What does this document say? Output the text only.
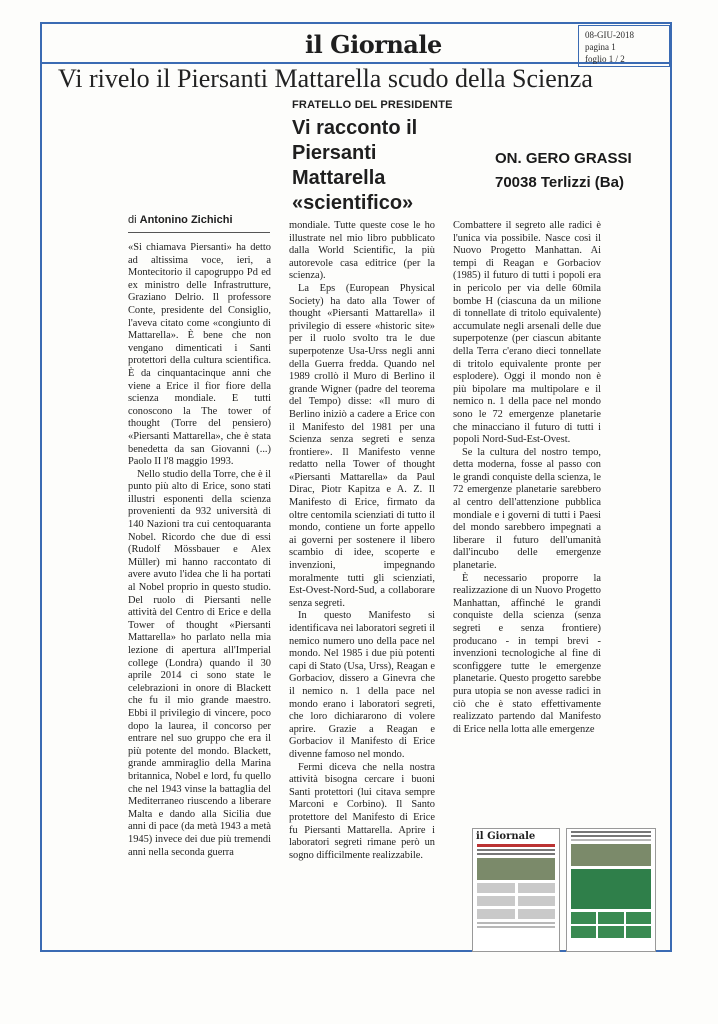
il Giornale	08-GIU-2018
pagina 1
foglio 1 / 2
Vi rivelo il Piersanti Mattarella scudo della Scienza
FRATELLO DEL PRESIDENTE
Vi racconto il Piersanti Mattarella «scientifico»
ON. GERO GRASSI
70038 Terlizzi (Ba)
di Antonino Zichichi

«Si chiamava Piersanti» ha detto ad altissima voce, ieri, a Montecitorio il capogruppo Pd ed ex ministro delle Infrastrutture, Graziano Delrio. Il professore Conte, presidente del Consiglio, l'aveva citato come «congiunto di Mattarella». È bene che non vengano dimenticati i Santi protettori della cultura scientifica. È da cinquantacinque anni che viene a Erice il fior fiore della scienza mondiale. E tutti conoscono la The tower of thought (Torre del pensiero) «Piersanti Mattarella», che è stata benedetta da san Giovanni (...) Paolo II l'8 maggio 1993.

Nello studio della Torre, che è il punto più alto di Erice, sono stati illustri esponenti della scienza provenienti da 932 università di 140 Nazioni tra cui centoquaranta Nobel. Ricordo che due di essi (Rudolf Mössbauer e Alex Müller) mi hanno raccontato di avere avuto l'idea che li ha portati al Nobel proprio in questo studio. Del ruolo di Piersanti nelle attività del Centro di Erice e della Tower of thought «Piersanti Mattarella» ho parlato nella mia lezione di apertura all'Imperial college (Londra) quando il 30 aprile 2014 ci sono state le celebrazioni in onore di Blackett che fu il mio grande maestro. Ebbi il privilegio di vincere, poco dopo la laurea, il concorso per entrare nel suo gruppo che era il più potente del mondo. Blackett, grande ammiraglio della Marina britannica, Nobel e lord, fu quello che nel 1943 vinse la battaglia del Mediterraneo riuscendo a liberare Malta e dando alla Sicilia due anni di pace (da metà 1943 a metà 1945) invece dei due più tremendi anni nella seconda guerra

mondiale. Tutte queste cose le ho illustrate nel mio libro pubblicato dalla World Scientific, la più autorevole casa editrice (per la scienza).

La Eps (European Physical Society) ha dato alla Tower of thought «Piersanti Mattarella» il privilegio di essere «historic site» per il ruolo svolto tra le due superpotenze Usa-Urss negli anni della Guerra fredda. Quando nel 1989 crollò il Muro di Berlino il grande Wigner (padre del teorema del Tempo) disse: «Il muro di Berlino iniziò a cadere a Erice con il Manifesto del 1981 per una Scienza senza segreti e senza frontiere». Il Manifesto venne redatto nella Tower of thought «Piersanti Mattarella» da Paul Dirac, Piotr Kapitza e A. Z. Il Manifesto di Erice, firmato da oltre centomila scienziati di tutto il mondo, contiene un forte appello ai governi per sostenere il libero scambio di idee, scoperte e invenzioni, impegnando moralmente tutti gli scienziati, Est-Ovest-Nord-Sud, a collaborare senza segreti.

In questo Manifesto si identificava nei laboratori segreti il nemico numero uno della pace nel mondo. Nel 1985 i due più potenti capi di Stato (Usa, Urss), Reagan e Gorbaciov, dissero a Ginevra che il nemico n. 1 della pace nel mondo erano i laboratori segreti, che loro dichiararono di volere aprire. Grazie a Reagan e Gorbaciov il Manifesto di Erice divenne famoso nel mondo.

Fermi diceva che nella nostra attività bisogna cercare i buoni Santi protettori (lui citava sempre Marconi e Corbino). Il Santo protettore del Manifesto di Erice fu Piersanti Mattarella. Aprire i laboratori segreti rimane però un sogno difficilmente realizzabile.

Combattere il segreto alle radici è l'unica via possibile. Nasce così il Nuovo Progetto Manhattan. Ai tempi di Reagan e Gorbaciov (1985) il futuro di tutti i popoli era in pericolo per via delle 60mila bombe H (ciascuna da un milione di tonnellate di tritolo equivalente) accumulate negli arsenali delle due superpotenze (per ciascun abitante della Terra c'erano dieci tonnellate di tritolo equivalente pronte per esplodere). Oggi il mondo non è più bipolare ma multipolare e il nemico n. 1 della pace nel mondo sono le 72 emergenze planetarie che minacciano il futuro di tutti i popoli Nord-Sud-Est-Ovest.

Se la cultura del nostro tempo, detta moderna, fosse al passo con le grandi conquiste della scienza, le 72 emergenze planetarie sarebbero al centro dell'attenzione pubblica mondiale e i governi di tutti i Paesi del mondo sarebbero impegnati a liberare il futuro dell'umanità dall'incubo delle emergenze planetarie.

È necessario proporre la realizzazione di un Nuovo Progetto Manhattan, affinché le grandi conquiste della scienza (senza segreti e senza frontiere) producano - in tempi brevi - invenzioni tecnologiche al fine di sconfiggere tutte le emergenze planetarie. Questo progetto sarebbe pura utopia se non avesse radici in ciò che è stato effettivamente realizzato partendo dal Manifesto di Erice nella lotta alle emergenze

il Giornale
